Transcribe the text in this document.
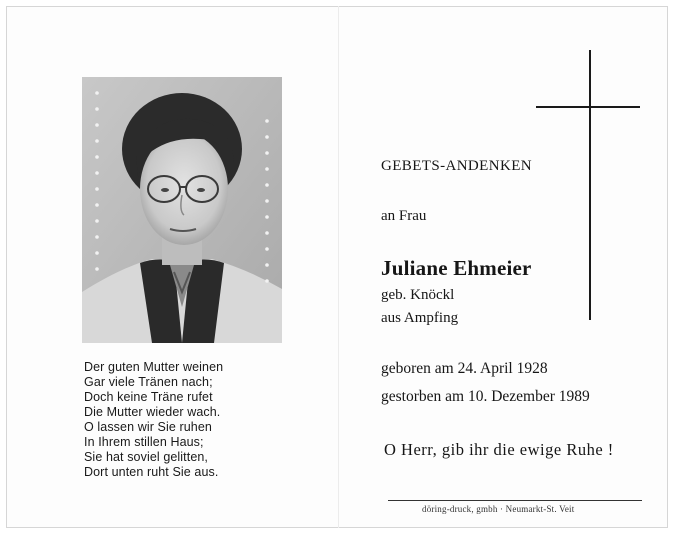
Der guten Mutter weinen
Gar viele Tränen nach;
Doch keine Träne rufet
Die Mutter wieder wach.
O lassen wir Sie ruhen
In Ihrem stillen Haus;
Sie hat soviel gelitten,
Dort unten ruht Sie aus.
GEBETS-ANDENKEN
an Frau
Juliane Ehmeier
geb. Knöckl
aus Ampfing
geboren am 24. April 1928
gestorben am 10. Dezember 1989
O Herr, gib ihr die ewige Ruhe !
döring-druck, gmbh · Neumarkt-St. Veit
